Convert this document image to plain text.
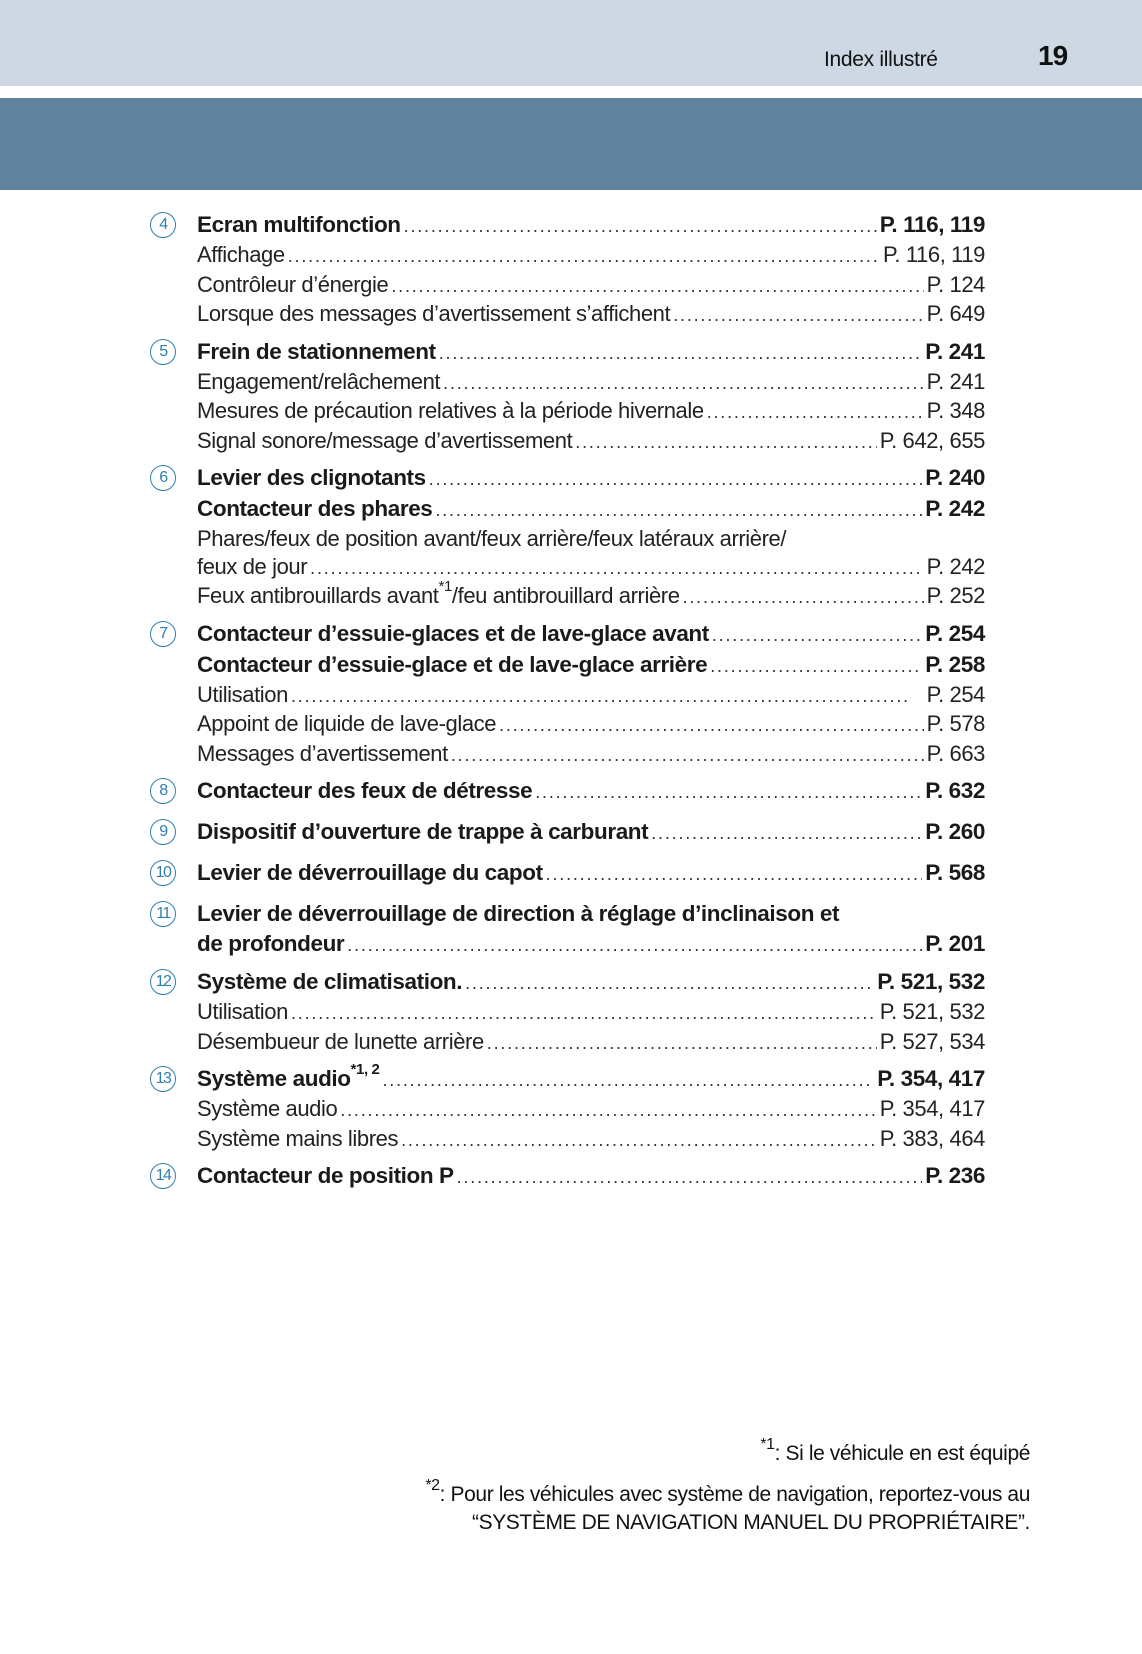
Index illustré	19
4	Ecran multifonction . . .	P. 116, 119
Affichage . . .	P. 116, 119
Contrôleur d’énergie . . .	P. 124
Lorsque des messages d’avertissement s’affichent . . .	P. 649
5	Frein de stationnement . . .	P. 241
Engagement/relâchement . . .	P. 241
Mesures de précaution relatives à la période hivernale . . .	P. 348
Signal sonore/message d’avertissement . . .	P. 642, 655
6	Levier des clignotants . . .	P. 240
Contacteur des phares . . .	P. 242
Phares/feux de position avant/feux arrière/feux latéraux arrière/
feux de jour . . .	P. 242
Feux antibrouillards avant$^{*1}$/feu antibrouillard arrière . . .	P. 252
7	Contacteur d’essuie-glaces et de lave-glace avant . . .	P. 254
Contacteur d’essuie-glace et de lave-glace arrière . . .	P. 258
Utilisation . . .	P. 254
Appoint de liquide de lave-glace . . .	P. 578
Messages d’avertissement . . .	P. 663
8	Contacteur des feux de détresse . . .	P. 632
9	Dispositif d’ouverture de trappe à carburant . . .	P. 260
10 Levier de déverrouillage du capot . . .	P. 568
11 Levier de déverrouillage de direction à réglage d’inclinaison et
de profondeur . . .	P. 201
12 Système de climatisation. . . .	P. 521, 532
Utilisation . . .	P. 521, 532
Désembueur de lunette arrière . . .	P. 527, 534
13 Système audio$^{*1, 2}$ . . .	P. 354, 417
Système audio . . .	P. 354, 417
Système mains libres . . .	P. 383, 464
14 Contacteur de position P . . .	P. 236
$^{*1}$: Si le véhicule en est équipé
$^{*2}$: Pour les véhicules avec système de navigation, reportez-vous au
“SYSTÈME DE NAVIGATION MANUEL DU PROPRIÉTAIRE”.
